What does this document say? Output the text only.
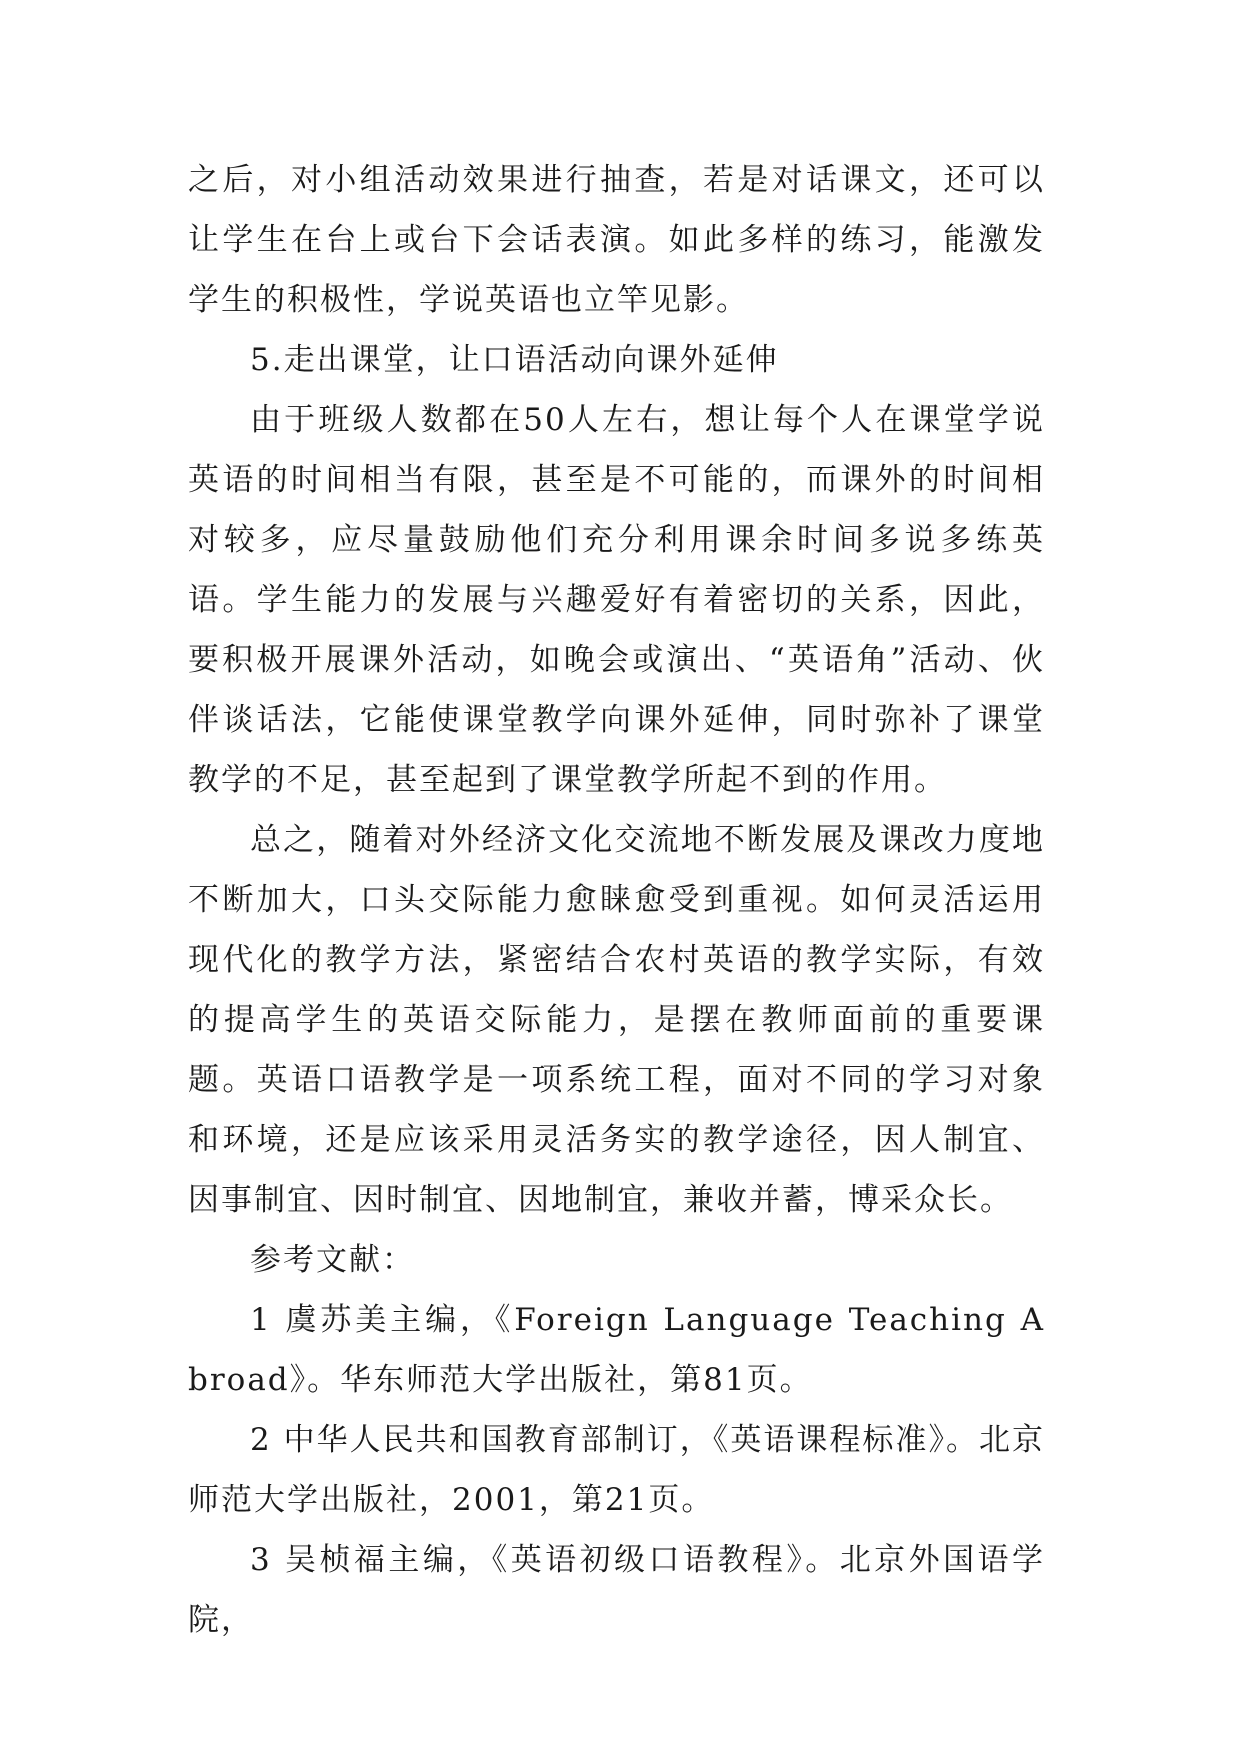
之后，对小组活动效果进行抽查，若是对话课文，还可以让学生在台上或台下会话表演。如此多样的练习，能激发学生的积极性，学说英语也立竿见影。

5.走出课堂，让口语活动向课外延伸

由于班级人数都在50人左右，想让每个人在课堂学说英语的时间相当有限，甚至是不可能的，而课外的时间相对较多，应尽量鼓励他们充分利用课余时间多说多练英语。学生能力的发展与兴趣爱好有着密切的关系，因此，要积极开展课外活动，如晚会或演出、“英语角”活动、伙伴谈话法，它能使课堂教学向课外延伸，同时弥补了课堂教学的不足，甚至起到了课堂教学所起不到的作用。

总之，随着对外经济文化交流地不断发展及课改力度地不断加大，口头交际能力愈睐愈受到重视。如何灵活运用现代化的教学方法，紧密结合农村英语的教学实际，有效的提高学生的英语交际能力，是摆在教师面前的重要课题。英语口语教学是一项系统工程，面对不同的学习对象和环境，还是应该采用灵活务实的教学途径，因人制宜、因事制宜、因时制宜、因地制宜，兼收并蓄，博采众长。

参考文献：

1 虞苏美主编，《Foreign Language Teaching Abroad》。华东师范大学出版社，第81页。

2 中华人民共和国教育部制订，《英语课程标准》。北京师范大学出版社，2001，第21页。

3 吴桢福主编，《英语初级口语教程》。北京外国语学院，
